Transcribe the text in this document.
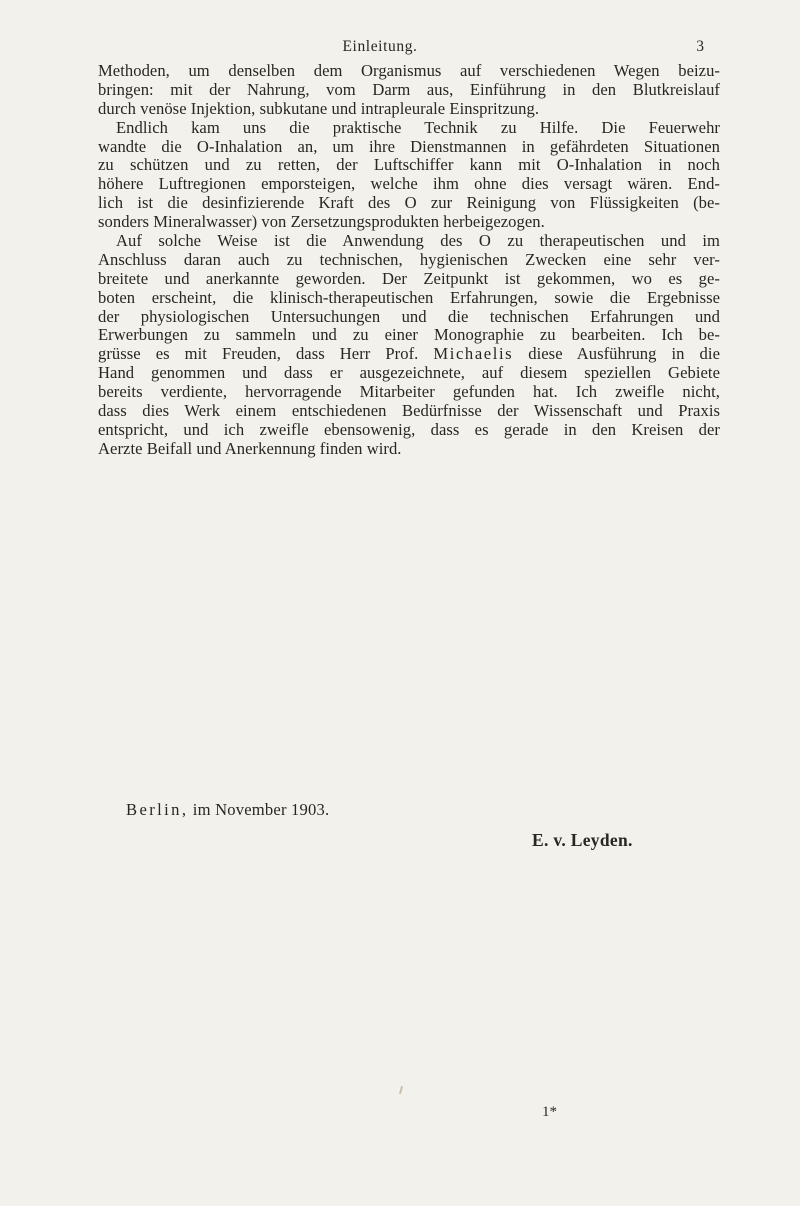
Einleitung.	3
Methoden, um denselben dem Organismus auf verschiedenen Wegen beizu-
bringen: mit der Nahrung, vom Darm aus, Einführung in den Blutkreislauf
durch venöse Injektion, subkutane und intrapleurale Einspritzung.
Endlich kam uns die praktische Technik zu Hilfe. Die Feuerwehr
wandte die O-Inhalation an, um ihre Dienstmannen in gefährdeten Situationen
zu schützen und zu retten, der Luftschiffer kann mit O-Inhalation in noch
höhere Luftregionen emporsteigen, welche ihm ohne dies versagt wären. End-
lich ist die desinfizierende Kraft des O zur Reinigung von Flüssigkeiten (be-
sonders Mineralwasser) von Zersetzungsprodukten herbeigezogen.
Auf solche Weise ist die Anwendung des O zu therapeutischen und im
Anschluss daran auch zu technischen, hygienischen Zwecken eine sehr ver-
breitete und anerkannte geworden. Der Zeitpunkt ist gekommen, wo es ge-
boten erscheint, die klinisch-therapeutischen Erfahrungen, sowie die Ergebnisse
der physiologischen Untersuchungen und die technischen Erfahrungen und
Erwerbungen zu sammeln und zu einer Monographie zu bearbeiten. Ich be-
grüsse es mit Freuden, dass Herr Prof. Michaelis diese Ausführung in die
Hand genommen und dass er ausgezeichnete, auf diesem speziellen Gebiete
bereits verdiente, hervorragende Mitarbeiter gefunden hat. Ich zweifle nicht,
dass dies Werk einem entschiedenen Bedürfnisse der Wissenschaft und Praxis
entspricht, und ich zweifle ebensowenig, dass es gerade in den Kreisen der
Aerzte Beifall und Anerkennung finden wird.
Berlin, im November 1903.
E. v. Leyden.
1*
